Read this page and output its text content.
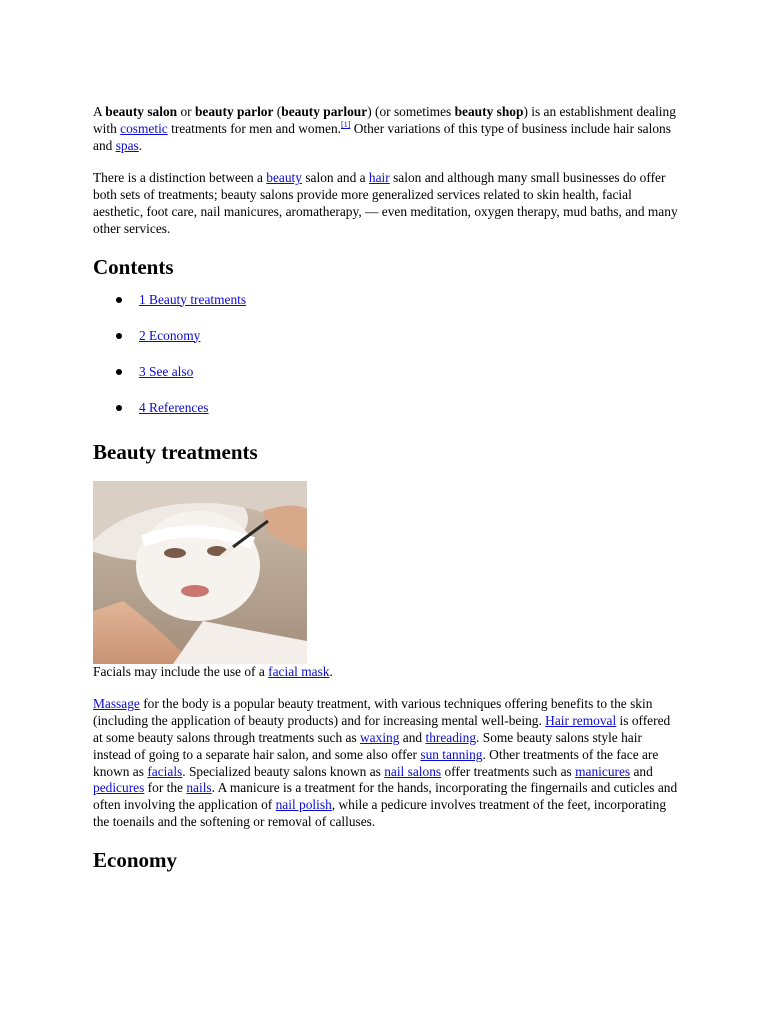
A beauty salon or beauty parlor (beauty parlour) (or sometimes beauty shop) is an establishment dealing with cosmetic treatments for men and women.[1] Other variations of this type of business include hair salons and spas.

There is a distinction between a beauty salon and a hair salon and although many small businesses do offer both sets of treatments; beauty salons provide more generalized services related to skin health, facial aesthetic, foot care, nail manicures, aromatherapy, — even meditation, oxygen therapy, mud baths, and many other services.

Contents
1 Beauty treatments
2 Economy
3 See also
4 References
Beauty treatments

Facials may include the use of a facial mask.

Massage for the body is a popular beauty treatment, with various techniques offering benefits to the skin (including the application of beauty products) and for increasing mental well-being. Hair removal is offered at some beauty salons through treatments such as waxing and threading. Some beauty salons style hair instead of going to a separate hair salon, and some also offer sun tanning. Other treatments of the face are known as facials. Specialized beauty salons known as nail salons offer treatments such as manicures and pedicures for the nails. A manicure is a treatment for the hands, incorporating the fingernails and cuticles and often involving the application of nail polish, while a pedicure involves treatment of the feet, incorporating the toenails and the softening or removal of calluses.

Economy
